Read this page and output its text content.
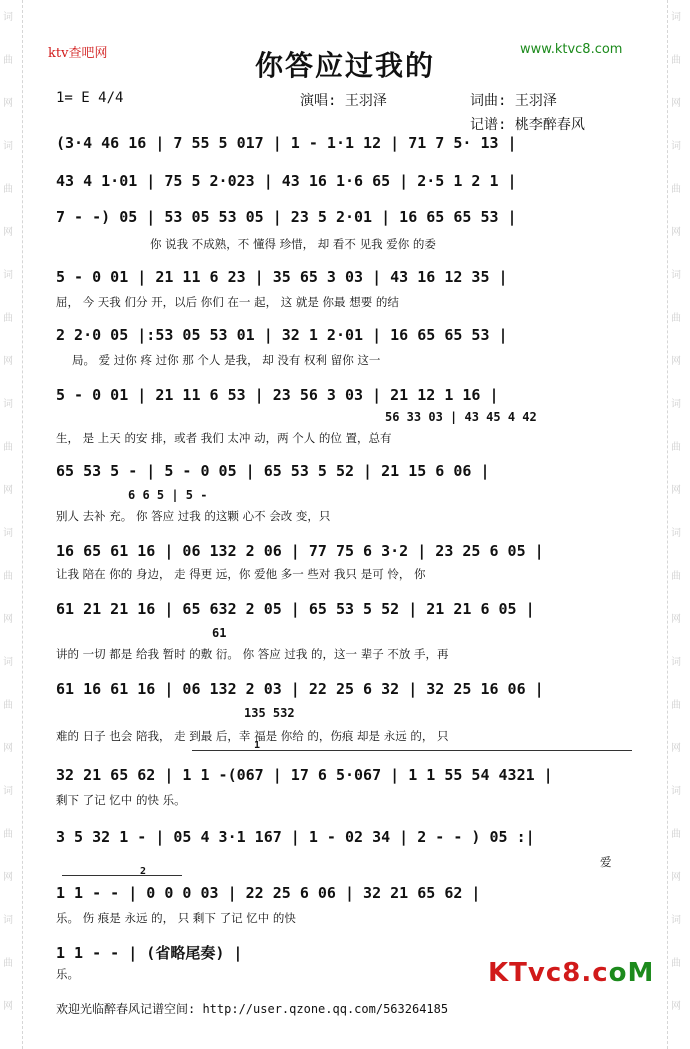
词
曲
网
词
曲
网
词
曲
网
词
曲
网
词
曲
网
词
曲
网
词
曲
网
词
曲
网
词
曲
网
词
曲
网
词
曲
网
词
曲
网
词
曲
网
词
曲
网
词
曲
网
词
曲
网
ktv查吧网	www.ktvc8.com
你答应过我的
1= E 4/4	演唱: 王羽泽	词曲: 王羽泽
记谱: 桃李醉春风
(3·4 46 16 | 7 55 5 017 | 1 - 1·1 12 | 71 7 5· 13 |
43 4 1·01 | 75 5 2·023 | 43 16 1·6 65 | 2·5 1 2 1 |
7 - -) 05 | 53 05 53 05 | 23 5 2·01 | 16 65 65 53 |
你 说我 不成熟，不 懂得 珍惜， 却 看不 见我 爱你 的委
5 - 0 01 | 21 11 6 23 | 35 65 3 03 | 43 16 12 35 |
屈， 今 天我 们分 开，以后 你们 在一 起， 这 就是 你最 想要 的结
2 2·0 05 |:53 05 53 01 | 32 1 2·01 | 16 65 65 53 |
局。 爱 过你 疼 过你 那 个人 是我， 却 没有 权利 留你 这一
5 - 0 01 | 21 11 6 53 | 23 56 3 03 | 21 12 1 16 |
56 33 03 | 43 45 4 42
生， 是 上天 的安 排，或者 我们 太冲 动，两 个人 的位 置，总有
65 53 5 - | 5 - 0 05 | 65 53 5 52 | 21 15 6 06 |
6 6 5 | 5 -
别人 去补 充。 你 答应 过我 的这颗 心不 会改 变，只
16 65 61 16 | 06 132 2 06 | 77 75 6 3·2 | 23 25 6 05 |
让我 陪在 你的 身边， 走 得更 远，你 爱他 多一 些对 我只 是可 怜， 你
61 21 21 16 | 65 632 2 05 | 65 53 5 52 | 21 21 6 05 |
61
讲的 一切 都是 给我 暂时 的敷 衍。 你 答应 过我 的，这一 辈子 不放 手，再
61 16 61 16 | 06 132 2 03 | 22 25 6 32 | 32 25 16 06 |
135 532
难的 日子 也会 陪我， 走 到最 后，幸 福是 你给 的，伤痕 却是 永远 的， 只
1
32 21 65 62 | 1 1 -(067 | 17 6 5·067 | 1 1 55 54 4321 |
剩下 了记 忆中 的快 乐。
3 5 32 1 - | 05 4 3·1 167 | 1 - 02 34 | 2 - - ) 05 :|
爱
2
1 1 - - | 0 0 0 03 | 22 25 6 06 | 32 21 65 62 |
乐。 伤 痕是 永远 的， 只 剩下 了记 忆中 的快
1 1 - - | (省略尾奏) |
乐。	KTvc8.coM
欢迎光临醉春风记谱空间: http://user.qzone.qq.com/563264185
